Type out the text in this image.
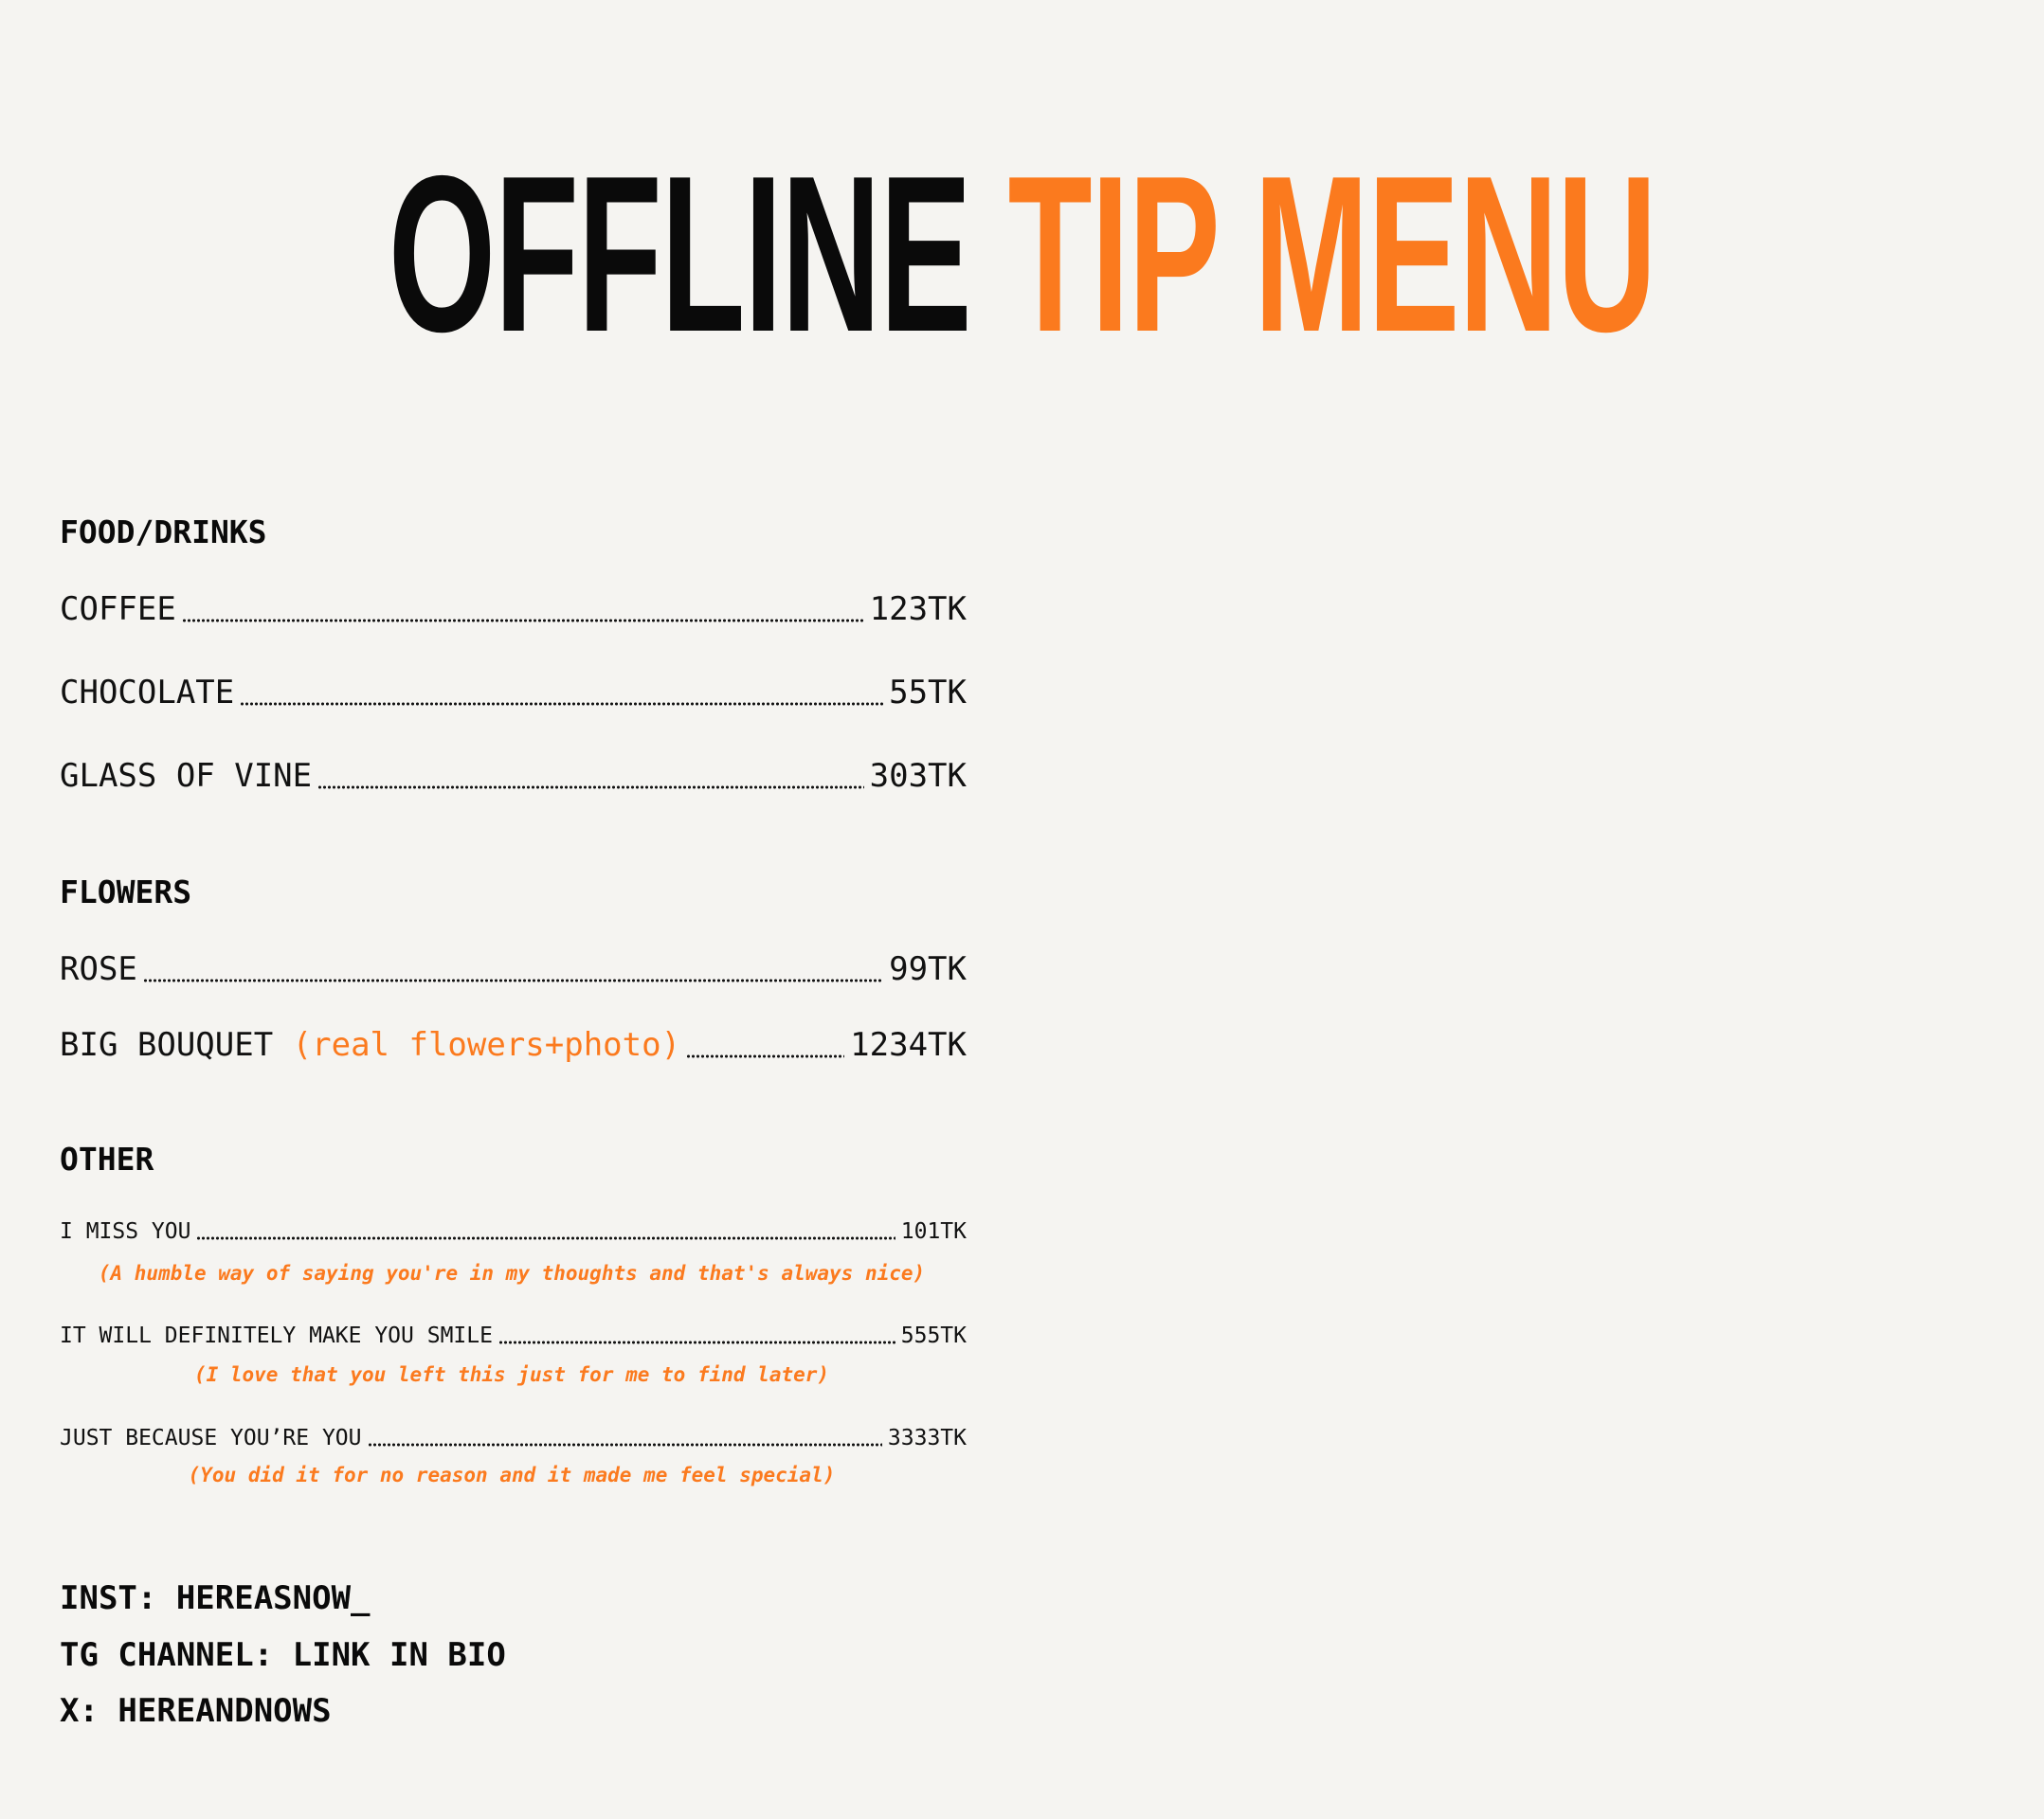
OFFLINE TIP MENU
FOOD/DRINKS
COFFEE	123TK
CHOCOLATE	55TK
GLASS OF VINE	303TK
FLOWERS
ROSE	99TK
BIG BOUQUET (real flowers+photo)	1234TK
OTHER
I MISS YOU	101TK
(A humble way of saying you're in my thoughts and that's always nice)
IT WILL DEFINITELY MAKE YOU SMILE	555TK
(I love that you left this just for me to find later)
JUST BECAUSE YOU’RE YOU	3333TK
(You did it for no reason and it made me feel special)
INST: HEREASNOW_
TG CHANNEL: LINK IN BIO
X: HEREANDNOWS
